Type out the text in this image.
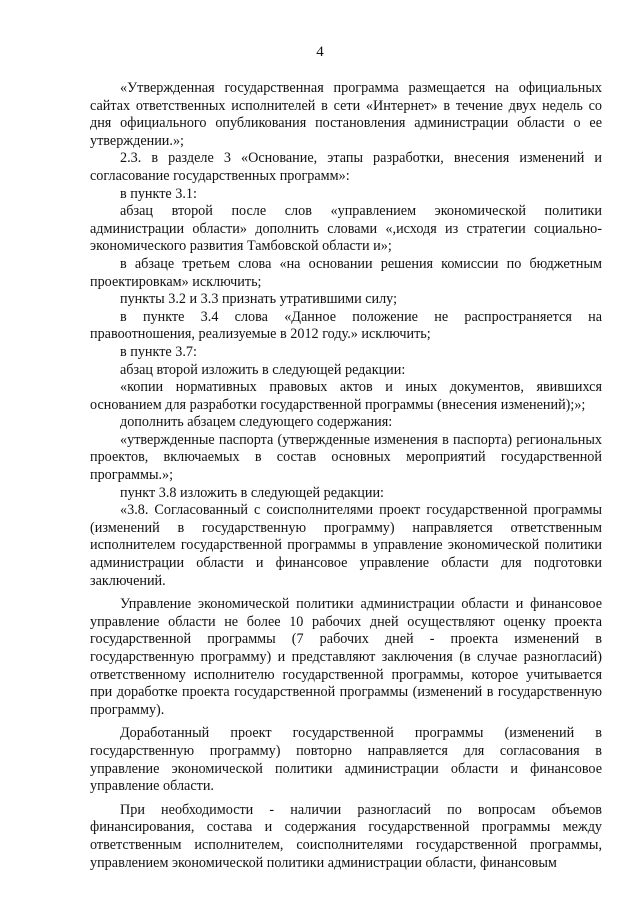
4

«Утвержденная государственная программа размещается на официальных сайтах ответственных исполнителей в сети «Интернет» в течение двух недель со дня официального опубликования постановления администрации области о ее утверждении.»;

2.3. в разделе 3 «Основание, этапы разработки, внесения изменений и согласование государственных программ»:

в пункте 3.1:

абзац второй после слов «управлением экономической политики администрации области» дополнить словами «,исходя из стратегии социально-экономического развития Тамбовской области и»;

в абзаце третьем слова «на основании решения комиссии по бюджетным проектировкам» исключить;

пункты 3.2 и 3.3 признать утратившими силу;

в пункте 3.4 слова «Данное положение не распространяется на правоотношения, реализуемые в 2012 году.» исключить;

в пункте 3.7:

абзац второй изложить в следующей редакции:

«копии нормативных правовых актов и иных документов, явившихся основанием для разработки государственной программы (внесения изменений);»;

дополнить абзацем следующего содержания:

«утвержденные паспорта (утвержденные изменения в паспорта) региональных проектов, включаемых в состав основных мероприятий государственной программы.»;

пункт 3.8 изложить в следующей редакции:

«3.8. Согласованный с соисполнителями проект государственной программы (изменений в государственную программу) направляется ответственным исполнителем государственной программы в управление экономической политики администрации области и финансовое управление области для подготовки заключений.

Управление экономической политики администрации области и финансовое управление области не более 10 рабочих дней осуществляют оценку проекта государственной программы (7 рабочих дней - проекта изменений в государственную программу) и представляют заключения (в случае разногласий) ответственному исполнителю государственной программы, которое учитывается при доработке проекта государственной программы (изменений в государственную программу).

Доработанный проект государственной программы (изменений в государственную программу) повторно направляется для согласования в управление экономической политики администрации области и финансовое управление области.

При необходимости - наличии разногласий по вопросам объемов финансирования, состава и содержания государственной программы между ответственным исполнителем, соисполнителями государственной программы, управлением экономической политики администрации области, финансовым
